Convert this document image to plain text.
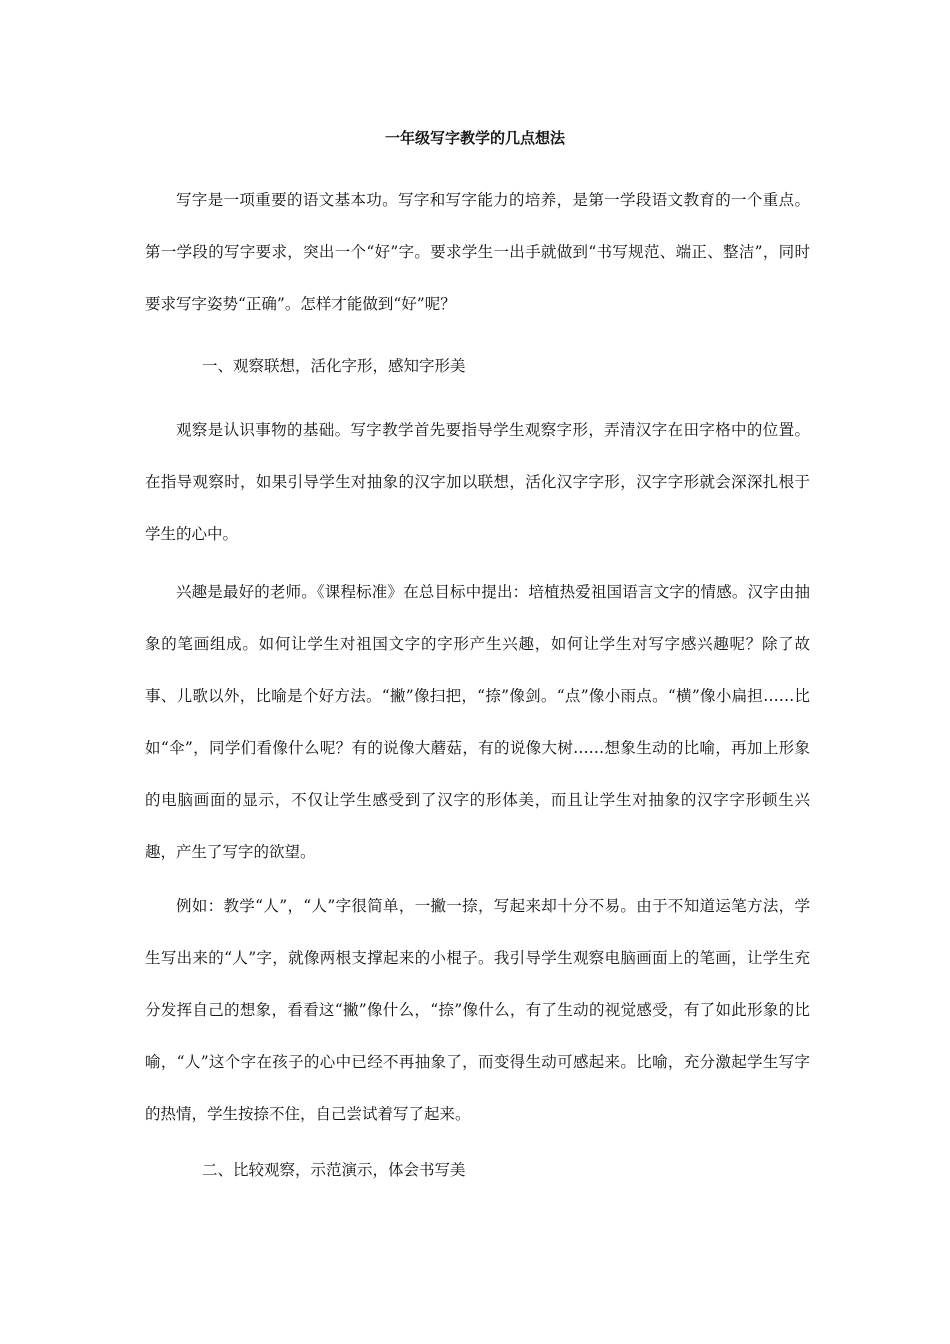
一年级写字教学的几点想法

写字是一项重要的语文基本功。写字和写字能力的培养，是第一学段语文教育的一个重点。第一学段的写字要求，突出一个“好”字。要求学生一出手就做到“书写规范、端正、整洁”，同时要求写字姿势“正确”。怎样才能做到“好”呢？

一、观察联想，活化字形，感知字形美

观察是认识事物的基础。写字教学首先要指导学生观察字形，弄清汉字在田字格中的位置。在指导观察时，如果引导学生对抽象的汉字加以联想，活化汉字字形，汉字字形就会深深扎根于学生的心中。

兴趣是最好的老师。《课程标准》在总目标中提出：培植热爱祖国语言文字的情感。汉字由抽象的笔画组成。如何让学生对祖国文字的字形产生兴趣，如何让学生对写字感兴趣呢？除了故事、儿歌以外，比喻是个好方法。“撇”像扫把，“捺”像剑。“点”像小雨点。“横”像小扁担……比如“伞”，同学们看像什么呢？有的说像大蘑菇，有的说像大树……想象生动的比喻，再加上形象的电脑画面的显示，不仅让学生感受到了汉字的形体美，而且让学生对抽象的汉字字形顿生兴趣，产生了写字的欲望。

例如：教学“人”，“人”字很简单，一撇一捺，写起来却十分不易。由于不知道运笔方法，学生写出来的“人”字，就像两根支撑起来的小棍子。我引导学生观察电脑画面上的笔画，让学生充分发挥自己的想象，看看这“撇”像什么，“捺”像什么，有了生动的视觉感受，有了如此形象的比喻，“人”这个字在孩子的心中已经不再抽象了，而变得生动可感起来。比喻，充分激起学生写字的热情，学生按捺不住，自己尝试着写了起来。

二、比较观察，示范演示，体会书写美
